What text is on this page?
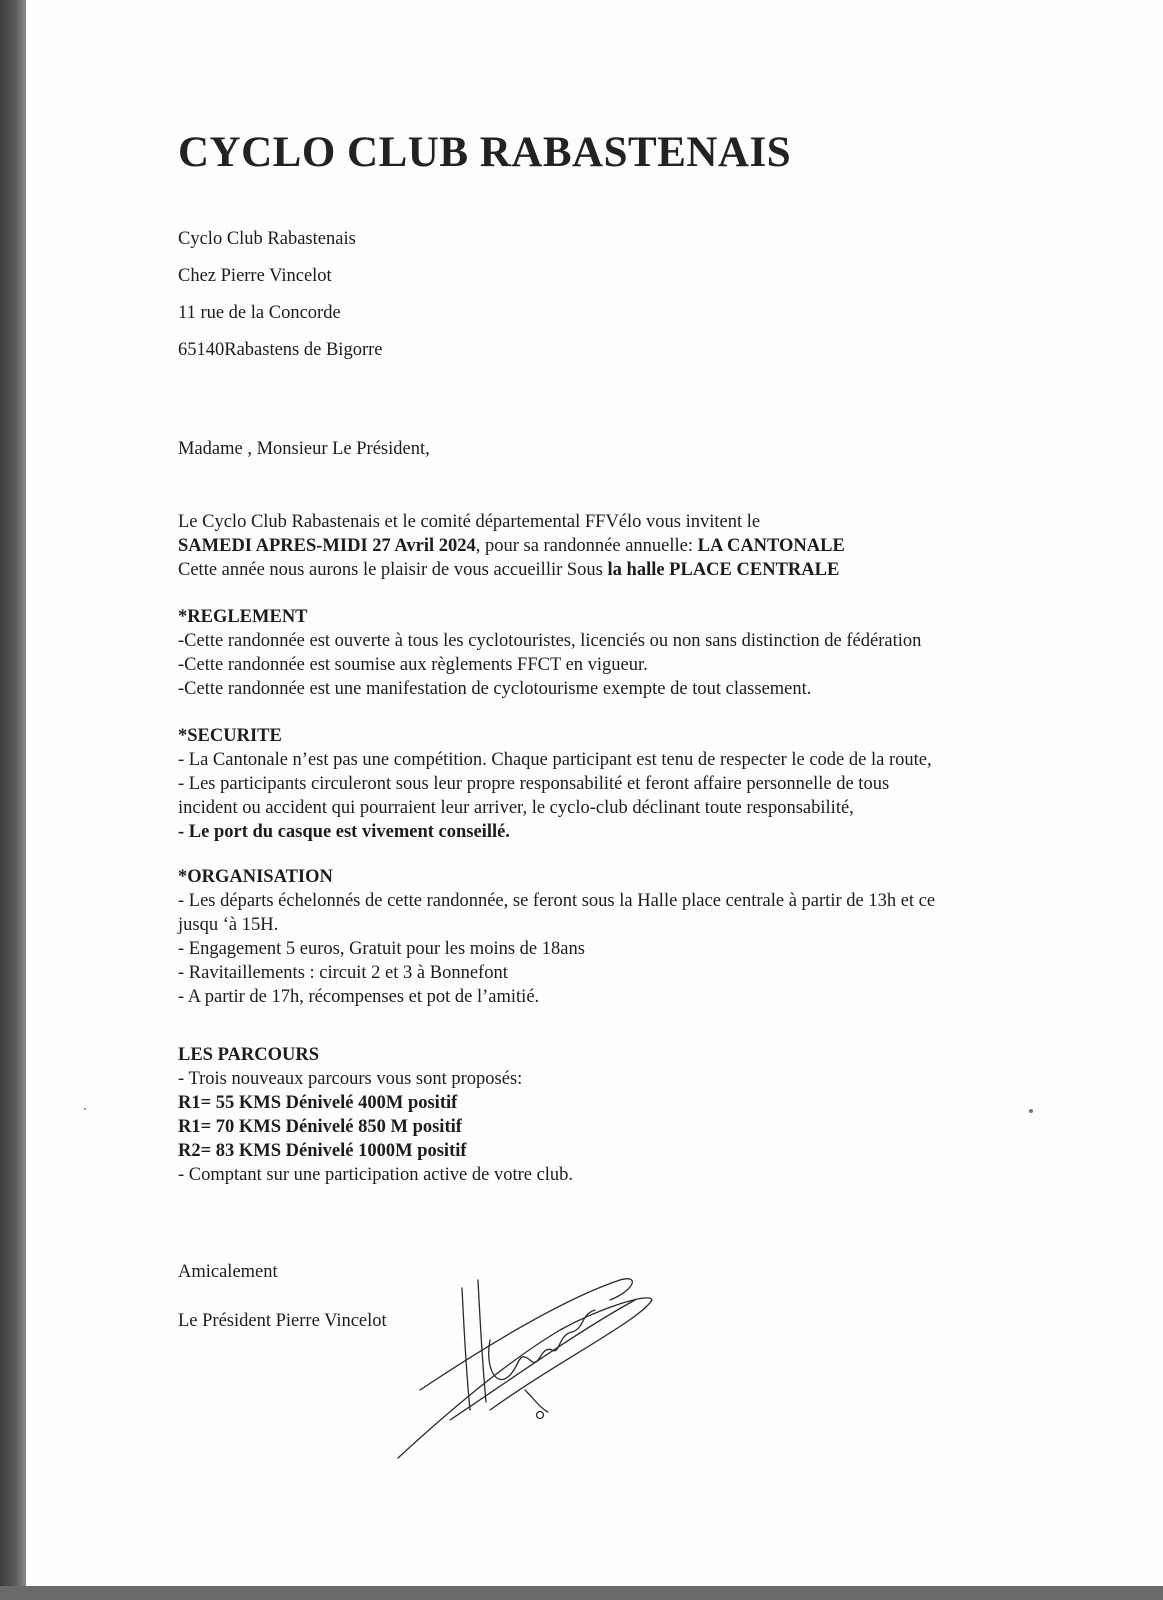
CYCLO CLUB RABASTENAIS
Cyclo Club Rabastenais
Chez Pierre Vincelot
11 rue de la Concorde
65140Rabastens de Bigorre
Madame , Monsieur Le Président,
Le Cyclo Club Rabastenais et le comité départemental FFVélo vous invitent le
SAMEDI APRES-MIDI 27 Avril 2024, pour sa randonnée annuelle: LA CANTONALE
Cette année nous aurons le plaisir de vous accueillir Sous la halle PLACE CENTRALE
*REGLEMENT
-Cette randonnée est ouverte à tous les cyclotouristes, licenciés ou non sans distinction de fédération
-Cette randonnée est soumise aux règlements FFCT en vigueur.
-Cette randonnée est une manifestation de cyclotourisme exempte de tout classement.
*SECURITE
- La Cantonale n’est pas une compétition. Chaque participant est tenu de respecter le code de la route,
- Les participants circuleront sous leur propre responsabilité et feront affaire personnelle de tous
incident ou accident qui pourraient leur arriver, le cyclo-club déclinant toute responsabilité,
- Le port du casque est vivement conseillé.
*ORGANISATION
- Les départs échelonnés de cette randonnée, se feront sous la Halle place centrale à partir de 13h et ce
jusqu ‘à 15H.
- Engagement 5 euros, Gratuit pour les moins de 18ans
- Ravitaillements : circuit 2 et 3 à Bonnefont
- A partir de 17h, récompenses et pot de l’amitié.
LES PARCOURS
- Trois nouveaux parcours vous sont proposés:
R1= 55 KMS Dénivelé 400M positif
R1= 70 KMS Dénivelé 850 M positif
R2= 83 KMS Dénivelé 1000M positif
- Comptant sur une participation active de votre club.
Amicalement
Le Président Pierre Vincelot
